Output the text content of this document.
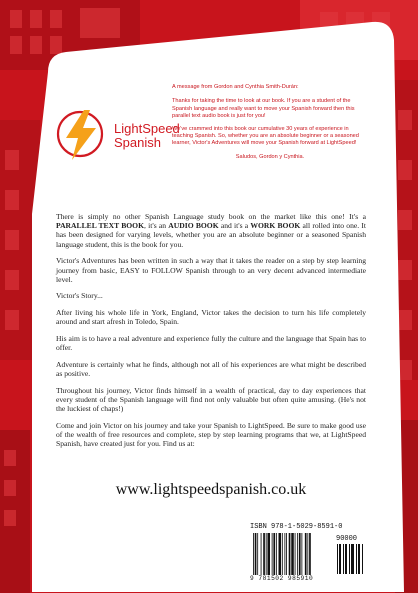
LightSpeed
Spanish

A message from Gordon and Cynthia Smith-Durán:

Thanks for taking the time to look at our book. If you are a student of the Spanish language and really want to move your Spanish forward then this parallel text audio book is just for you!

We've crammed into this book our cumulative 30 years of experience in teaching Spanish. So, whether you are an absolute beginner or a seasoned learner, Victor's Adventures will move your Spanish forward at LightSpeed!

Saludos, Gordon y Cynthia.

There is simply no other Spanish Language study book on the market like this one! It's a PARALLEL TEXT BOOK, it's an AUDIO BOOK and it's a WORK BOOK all rolled into one. It has been designed for varying levels, whether you are an absolute beginner or a seasoned Spanish language student, this is the book for you.

Victor's Adventures has been written in such a way that it takes the reader on a step by step learning journey from basic, EASY to FOLLOW Spanish through to an very decent advanced intermediate level.

Victor's Story...

After living his whole life in York, England, Victor takes the decision to turn his life completely around and start afresh in Toledo, Spain.

His aim is to have a real adventure and experience fully the culture and the language that Spain has to offer.

Adventure is certainly what he finds, although not all of his experiences are what might be described as positive.

Throughout his journey, Victor finds himself in a wealth of practical, day to day experiences that every student of the Spanish language will find not only valuable but often quite amusing. (He's not the luckiest of chaps!)

Come and join Victor on his journey and take your Spanish to LightSpeed. Be sure to make good use of the wealth of free resources and complete, step by step learning programs that we, at LightSpeed Spanish, have created just for you. Find us at:

www.lightspeedspanish.co.uk
ISBN 978-1-5029-8591-0
90000
9 781502 985910
